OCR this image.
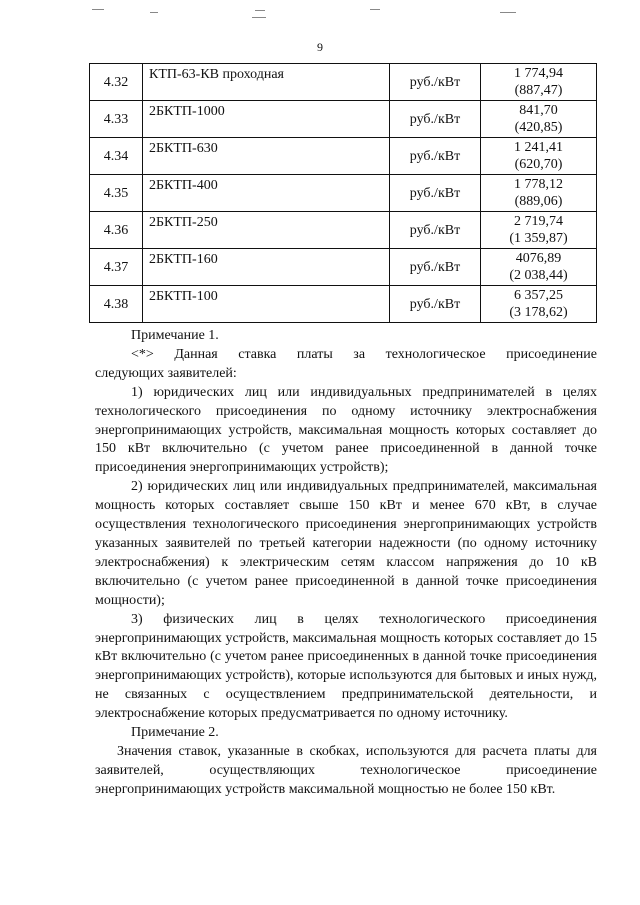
9
4.32	КТП-63-КВ проходная	руб./кВт	1 774,94
(887,47)

4.33	2БКТП-1000	руб./кВт	841,70
(420,85)

4.34	2БКТП-630	руб./кВт	1 241,41
(620,70)

4.35	2БКТП-400	руб./кВт	1 778,12
(889,06)

4.36	2БКТП-250	руб./кВт	2 719,74
(1 359,87)

4.37	2БКТП-160	руб./кВт	4076,89
(2 038,44)

4.38	2БКТП-100	руб./кВт	6 357,25
(3 178,62)

Примечание 1.

<*> Данная ставка платы за технологическое присоединение

следующих заявителей:

1) юридических лиц или индивидуальных предпринимателей в целях технологического присоединения по одному источнику электроснабжения энергопринимающих устройств, максимальная мощность которых составляет до 150 кВт включительно (с учетом ранее присоединенной в данной точке присоединения энергопринимающих устройств);

2) юридических лиц или индивидуальных предпринимателей, максимальная мощность которых составляет свыше 150 кВт и менее 670 кВт, в случае осуществления технологического присоединения энергопринимающих устройств указанных заявителей по третьей категории надежности (по одному источнику электроснабжения) к электрическим сетям классом напряжения до 10 кВ включительно (с учетом ранее присоединенной в данной точке присоединения мощности);

3) физических лиц в целях технологического присоединения энергопринимающих устройств, максимальная мощность которых составляет до 15 кВт включительно (с учетом ранее присоединенных в данной точке присоединения энергопринимающих устройств), которые используются для бытовых и иных нужд, не связанных с осуществлением предпринимательской деятельности, и электроснабжение которых предусматривается по одному источнику.

Примечание 2.

Значения ставок, указанные в скобках, используются для расчета платы для заявителей, осуществляющих технологическое присоединение энергопринимающих устройств максимальной мощностью не более 150 кВт.
